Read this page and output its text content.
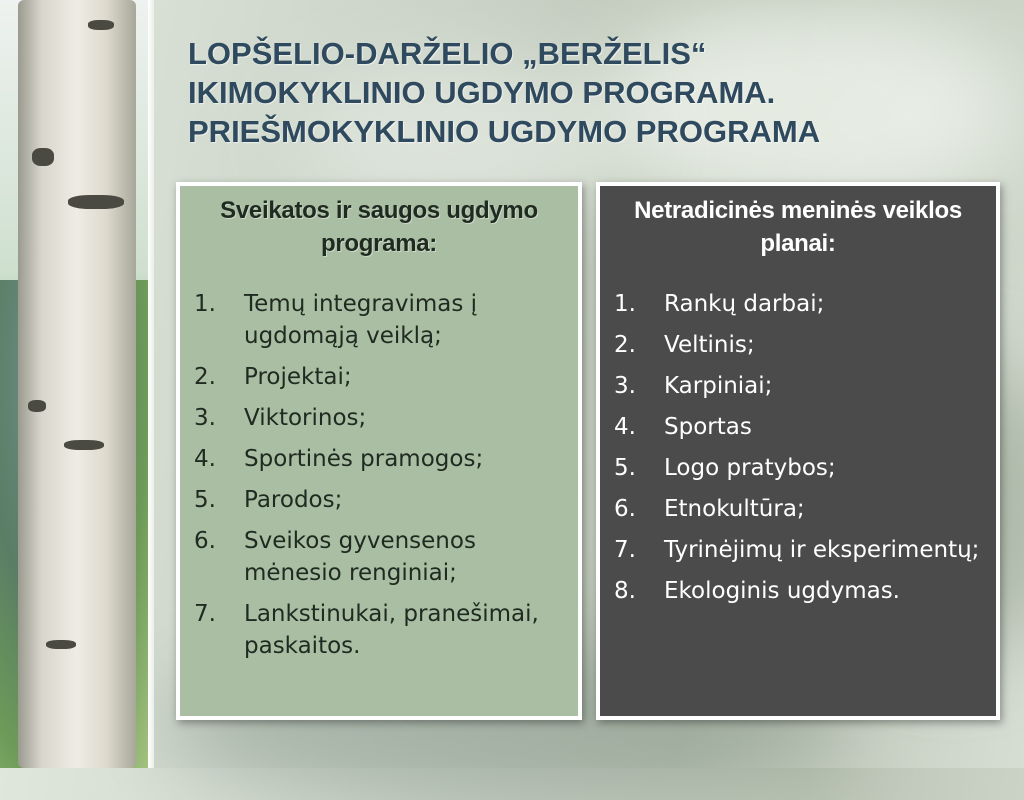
LOPŠELIO-DARŽELIO „BERŽELIS“
IKIMOKYKLINIO UGDYMO PROGRAMA.
PRIEŠMOKYKLINIO UGDYMO PROGRAMA
Sveikatos ir saugos ugdymo programa:
1. Temų integravimas į ugdomąją veiklą;
2. Projektai;
3. Viktorinos;
4. Sportinės pramogos;
5. Parodos;
6. Sveikos gyvensenos mėnesio renginiai;
7. Lankstinukai, pranešimai, paskaitos.
Netradicinės meninės veiklos planai:
1. Rankų darbai;
2. Veltinis;
3. Karpiniai;
4. Sportas
5. Logo pratybos;
6. Etnokultūra;
7. Tyrinėjimų ir eksperimentų;
8. Ekologinis ugdymas.
